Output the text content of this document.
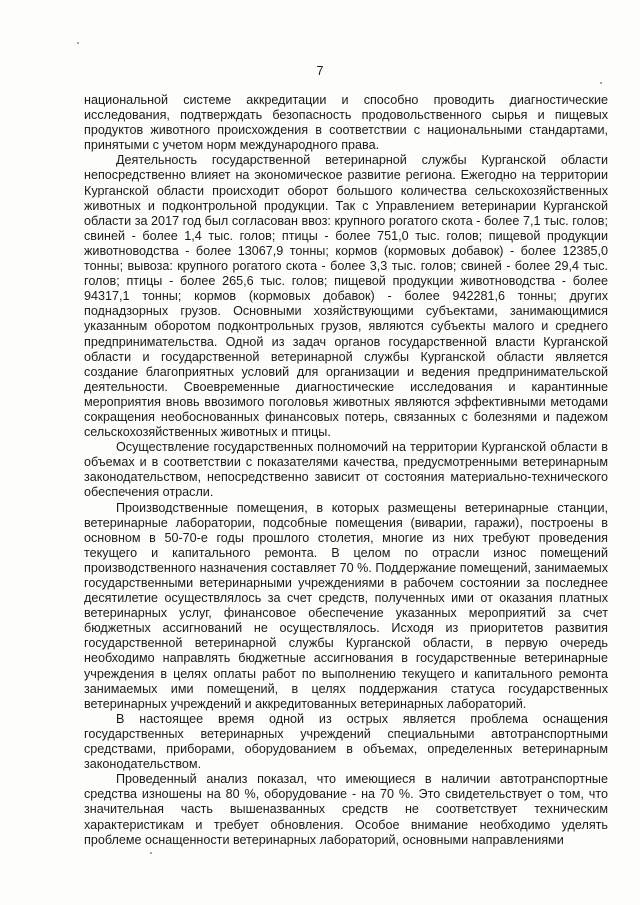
7

национальной системе аккредитации и способно проводить диагностические исследования, подтверждать безопасность продовольственного сырья и пищевых продуктов животного происхождения в соответствии с национальными стандартами, принятыми с учетом норм международного права.

Деятельность государственной ветеринарной службы Курганской области непосредственно влияет на экономическое развитие региона. Ежегодно на территории Курганской области происходит оборот большого количества сельскохозяйственных животных и подконтрольной продукции. Так с Управлением ветеринарии Курганской области за 2017 год был согласован ввоз: крупного рогатого скота - более 7,1 тыс. голов; свиней - более 1,4 тыс. голов; птицы - более 751,0 тыс. голов; пищевой продукции животноводства - более 13067,9 тонны; кормов (кормовых добавок) - более 12385,0 тонны; вывоза: крупного рогатого скота - более 3,3 тыс. голов; свиней - более 29,4 тыс. голов; птицы - более 265,6 тыс. голов; пищевой продукции животноводства - более 94317,1 тонны; кормов (кормовых добавок) - более 942281,6 тонны; других поднадзорных грузов. Основными хозяйствующими субъектами, занимающимися указанным оборотом подконтрольных грузов, являются субъекты малого и среднего предпринимательства. Одной из задач органов государственной власти Курганской области и государственной ветеринарной службы Курганской области является создание благоприятных условий для организации и ведения предпринимательской деятельности. Своевременные диагностические исследования и карантинные мероприятия вновь ввозимого поголовья животных являются эффективными методами сокращения необоснованных финансовых потерь, связанных с болезнями и падежом сельскохозяйственных животных и птицы.

Осуществление государственных полномочий на территории Курганской области в объемах и в соответствии с показателями качества, предусмотренными ветеринарным законодательством, непосредственно зависит от состояния материально-технического обеспечения отрасли.

Производственные помещения, в которых размещены ветеринарные станции, ветеринарные лаборатории, подсобные помещения (виварии, гаражи), построены в основном в 50-70-е годы прошлого столетия, многие из них требуют проведения текущего и капитального ремонта. В целом по отрасли износ помещений производственного назначения составляет 70 %. Поддержание помещений, занимаемых государственными ветеринарными учреждениями в рабочем состоянии за последнее десятилетие осуществлялось за счет средств, полученных ими от оказания платных ветеринарных услуг, финансовое обеспечение указанных мероприятий за счет бюджетных ассигнований не осуществлялось. Исходя из приоритетов развития государственной ветеринарной службы Курганской области, в первую очередь необходимо направлять бюджетные ассигнования в государственные ветеринарные учреждения в целях оплаты работ по выполнению текущего и капитального ремонта занимаемых ими помещений, в целях поддержания статуса государственных ветеринарных учреждений и аккредитованных ветеринарных лабораторий.

В настоящее время одной из острых является проблема оснащения государственных ветеринарных учреждений специальными автотранспортными средствами, приборами, оборудованием в объемах, определенных ветеринарным законодательством.

Проведенный анализ показал, что имеющиеся в наличии автотранспортные средства изношены на 80 %, оборудование - на 70 %. Это свидетельствует о том, что значительная часть вышеназванных средств не соответствует техническим характеристикам и требует обновления. Особое внимание необходимо уделять проблеме оснащенности ветеринарных лабораторий, основными направлениями
